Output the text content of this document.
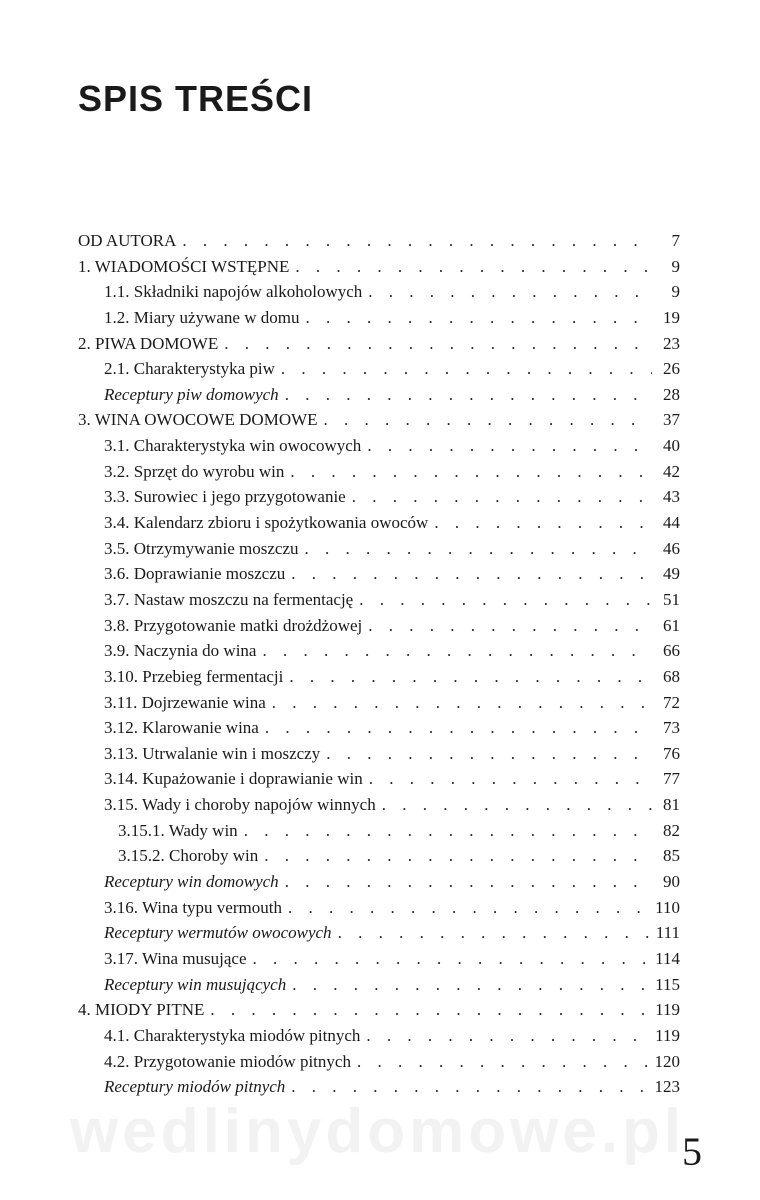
SPIS TREŚCI
OD AUTORA . . .	7
1. WIADOMOŚCI WSTĘPNE . . .	9
1.1. Składniki napojów alkoholowych . . .	9
1.2. Miary używane w domu . . .	19
2. PIWA DOMOWE . . .	23
2.1. Charakterystyka piw . . .	26
Receptury piw domowych . . .	28
3. WINA OWOCOWE DOMOWE . . .	37
3.1. Charakterystyka win owocowych . . .	40
3.2. Sprzęt do wyrobu win . . .	42
3.3. Surowiec i jego przygotowanie . . .	43
3.4. Kalendarz zbioru i spożytkowania owoców . . .	44
3.5. Otrzymywanie moszczu . . .	46
3.6. Doprawianie moszczu . . .	49
3.7. Nastaw moszczu na fermentację . . .	51
3.8. Przygotowanie matki drożdżowej . . .	61
3.9. Naczynia do wina . . .	66
3.10. Przebieg fermentacji . . .	68
3.11. Dojrzewanie wina . . .	72
3.12. Klarowanie wina . . .	73
3.13. Utrwalanie win i moszczy . . .	76
3.14. Kupażowanie i doprawianie win . . .	77
3.15. Wady i choroby napojów winnych . . .	81
3.15.1. Wady win . . .	82
3.15.2. Choroby win . . .	85
Receptury win domowych . . .	90
3.16. Wina typu vermouth . . .	110
Receptury wermutów owocowych . . .	111
3.17. Wina musujące . . .	114
Receptury win musujących . . .	115
4. MIODY PITNE . . .	119
4.1. Charakterystyka miodów pitnych . . .	119
4.2. Przygotowanie miodów pitnych . . .	120
Receptury miodów pitnych . . .	123
wedlinydomowe.pl
5
